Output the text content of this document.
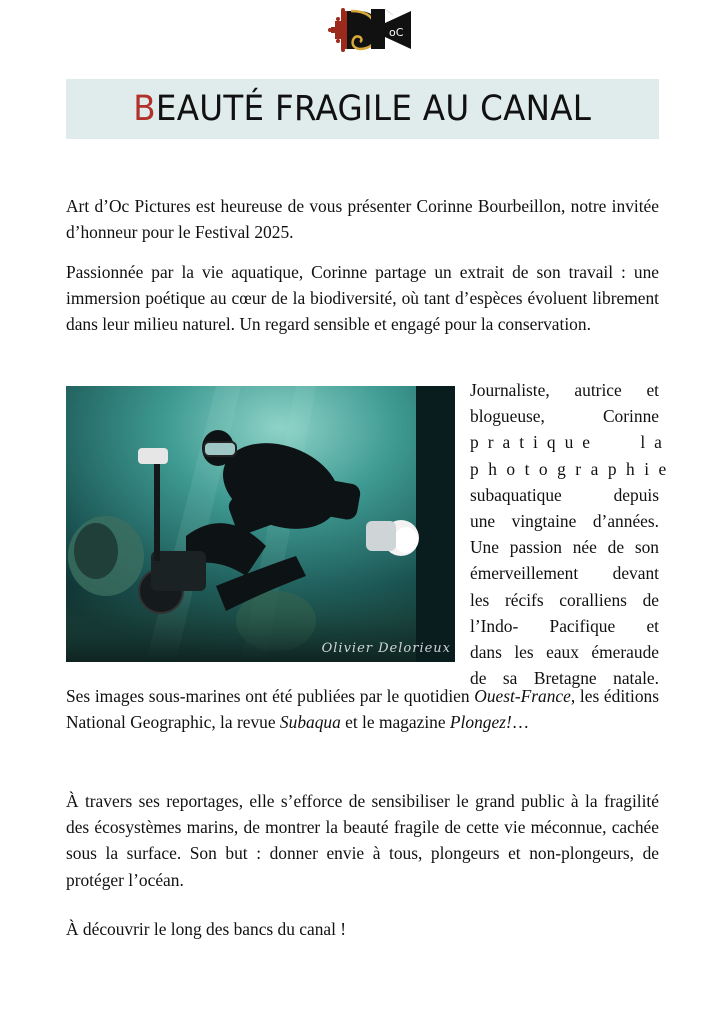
oC
BEAUTÉ FRAGILE AU CANAL

Art d’Oc Pictures est heureuse de vous présenter Corinne Bourbeillon, notre invitée d’honneur pour le Festival 2025.

Passionnée par la vie aquatique, Corinne partage un extrait de son travail : une immersion poétique au cœur de la biodiversité, où tant d’espèces évoluent librement dans leur milieu naturel. Un regard sensible et engagé pour la conservation.

Olivier Delorieux
Journaliste, autrice et
blogueuse, Corinne
pratique la
photographie
subaquatique depuis
une vingtaine d’années.
Une passion née de son
émerveillement devant
les récifs coralliens de
l’Indo- Pacifique et
dans les eaux émeraude
de sa Bretagne natale.

Ses images sous-marines ont été publiées par le quotidien Ouest-France, les éditions National Geographic, la revue Subaqua et le magazine Plongez!…

À travers ses reportages, elle s’efforce de sensibiliser le grand public à la fragilité des écosystèmes marins, de montrer la beauté fragile de cette vie méconnue, cachée sous la surface. Son but : donner envie à tous, plongeurs et non-plongeurs, de protéger l’océan.

À découvrir le long des bancs du canal !
